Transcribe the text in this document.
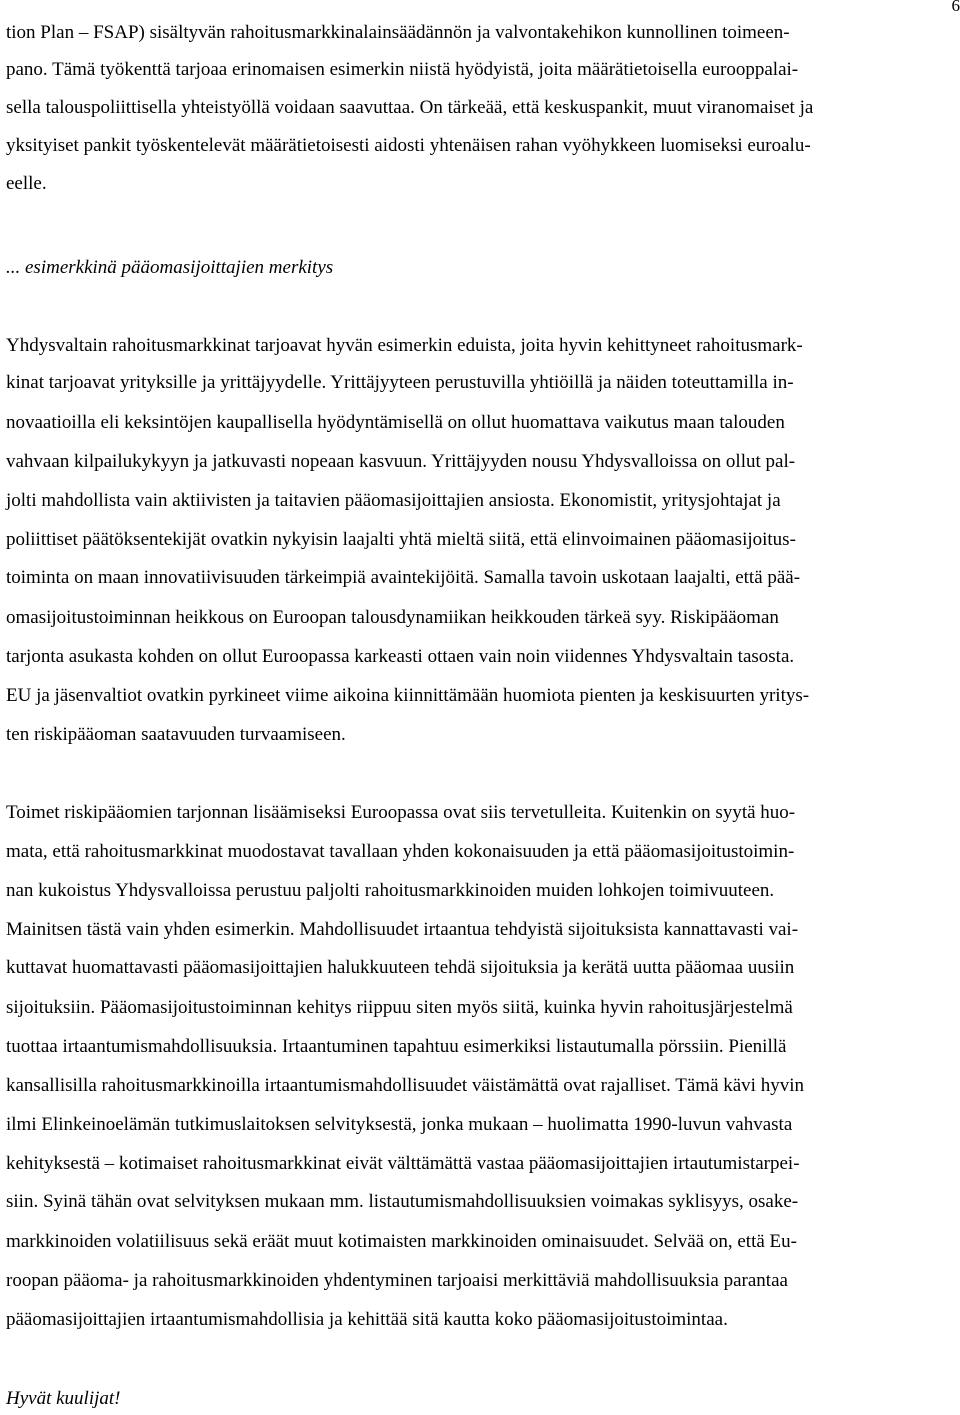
6
tion Plan – FSAP) sisältyvän rahoitusmarkkinalainsäädännön ja valvontakehikon kunnollinen toimeen-
pano. Tämä työkenttä tarjoaa erinomaisen esimerkin niistä hyödyistä, joita määrätietoisella eurooppalai-
sella talouspoliittisella yhteistyöllä voidaan saavuttaa. On tärkeää, että keskuspankit, muut viranomaiset ja
yksityiset pankit työskentelevät määrätietoisesti aidosti yhtenäisen rahan vyöhykkeen luomiseksi euroalu-
eelle.
... esimerkkinä pääomasijoittajien merkitys
Yhdysvaltain rahoitusmarkkinat tarjoavat hyvän esimerkin eduista, joita hyvin kehittyneet rahoitusmark-
kinat tarjoavat yrityksille ja yrittäjyydelle. Yrittäjyyteen perustuvilla yhtiöillä ja näiden toteuttamilla in-
novaatioilla eli keksintöjen kaupallisella hyödyntämisellä on ollut huomattava vaikutus maan talouden
vahvaan kilpailukykyyn ja jatkuvasti nopeaan kasvuun. Yrittäjyyden nousu Yhdysvalloissa on ollut pal-
jolti mahdollista vain aktiivisten ja taitavien pääomasijoittajien ansiosta. Ekonomistit, yritysjohtajat ja
poliittiset päätöksentekijät ovatkin nykyisin laajalti yhtä mieltä siitä, että elinvoimainen pääomasijoitus-
toiminta on maan innovatiivisuuden tärkeimpiä avaintekijöitä. Samalla tavoin uskotaan laajalti, että pää-
omasijoitustoiminnan heikkous on Euroopan talousdynamiikan heikkouden tärkeä syy. Riskipääoman
tarjonta asukasta kohden on ollut Euroopassa karkeasti ottaen vain noin viidennes Yhdysvaltain tasosta.
EU ja jäsenvaltiot ovatkin pyrkineet viime aikoina kiinnittämään huomiota pienten ja keskisuurten yritys-
ten riskipääoman saatavuuden turvaamiseen.
Toimet riskipääomien tarjonnan lisäämiseksi Euroopassa ovat siis tervetulleita. Kuitenkin on syytä huo-
mata, että rahoitusmarkkinat muodostavat tavallaan yhden kokonaisuuden ja että pääomasijoitustoimin-
nan kukoistus Yhdysvalloissa perustuu paljolti rahoitusmarkkinoiden muiden lohkojen toimivuuteen.
Mainitsen tästä vain yhden esimerkin. Mahdollisuudet irtaantua tehdyistä sijoituksista kannattavasti vai-
kuttavat huomattavasti pääomasijoittajien halukkuuteen tehdä sijoituksia ja kerätä uutta pääomaa uusiin
sijoituksiin. Pääomasijoitustoiminnan kehitys riippuu siten myös siitä, kuinka hyvin rahoitusjärjestelmä
tuottaa irtaantumismahdollisuuksia. Irtaantuminen tapahtuu esimerkiksi listautumalla pörssiin. Pienillä
kansallisilla rahoitusmarkkinoilla irtaantumismahdollisuudet väistämättä ovat rajalliset. Tämä kävi hyvin
ilmi Elinkeinoelämän tutkimuslaitoksen selvityksestä, jonka mukaan – huolimatta 1990-luvun vahvasta
kehityksestä – kotimaiset rahoitusmarkkinat eivät välttämättä vastaa pääomasijoittajien irtautumistarpei-
siin. Syinä tähän ovat selvityksen mukaan mm. listautumismahdollisuuksien voimakas syklisyys, osake-
markkinoiden volatiilisuus sekä eräät muut kotimaisten markkinoiden ominaisuudet. Selvää on, että Eu-
roopan pääoma- ja rahoitusmarkkinoiden yhdentyminen tarjoaisi merkittäviä mahdollisuuksia parantaa
pääomasijoittajien irtaantumismahdollisia ja kehittää sitä kautta koko pääomasijoitustoimintaa.
Hyvät kuulijat!
